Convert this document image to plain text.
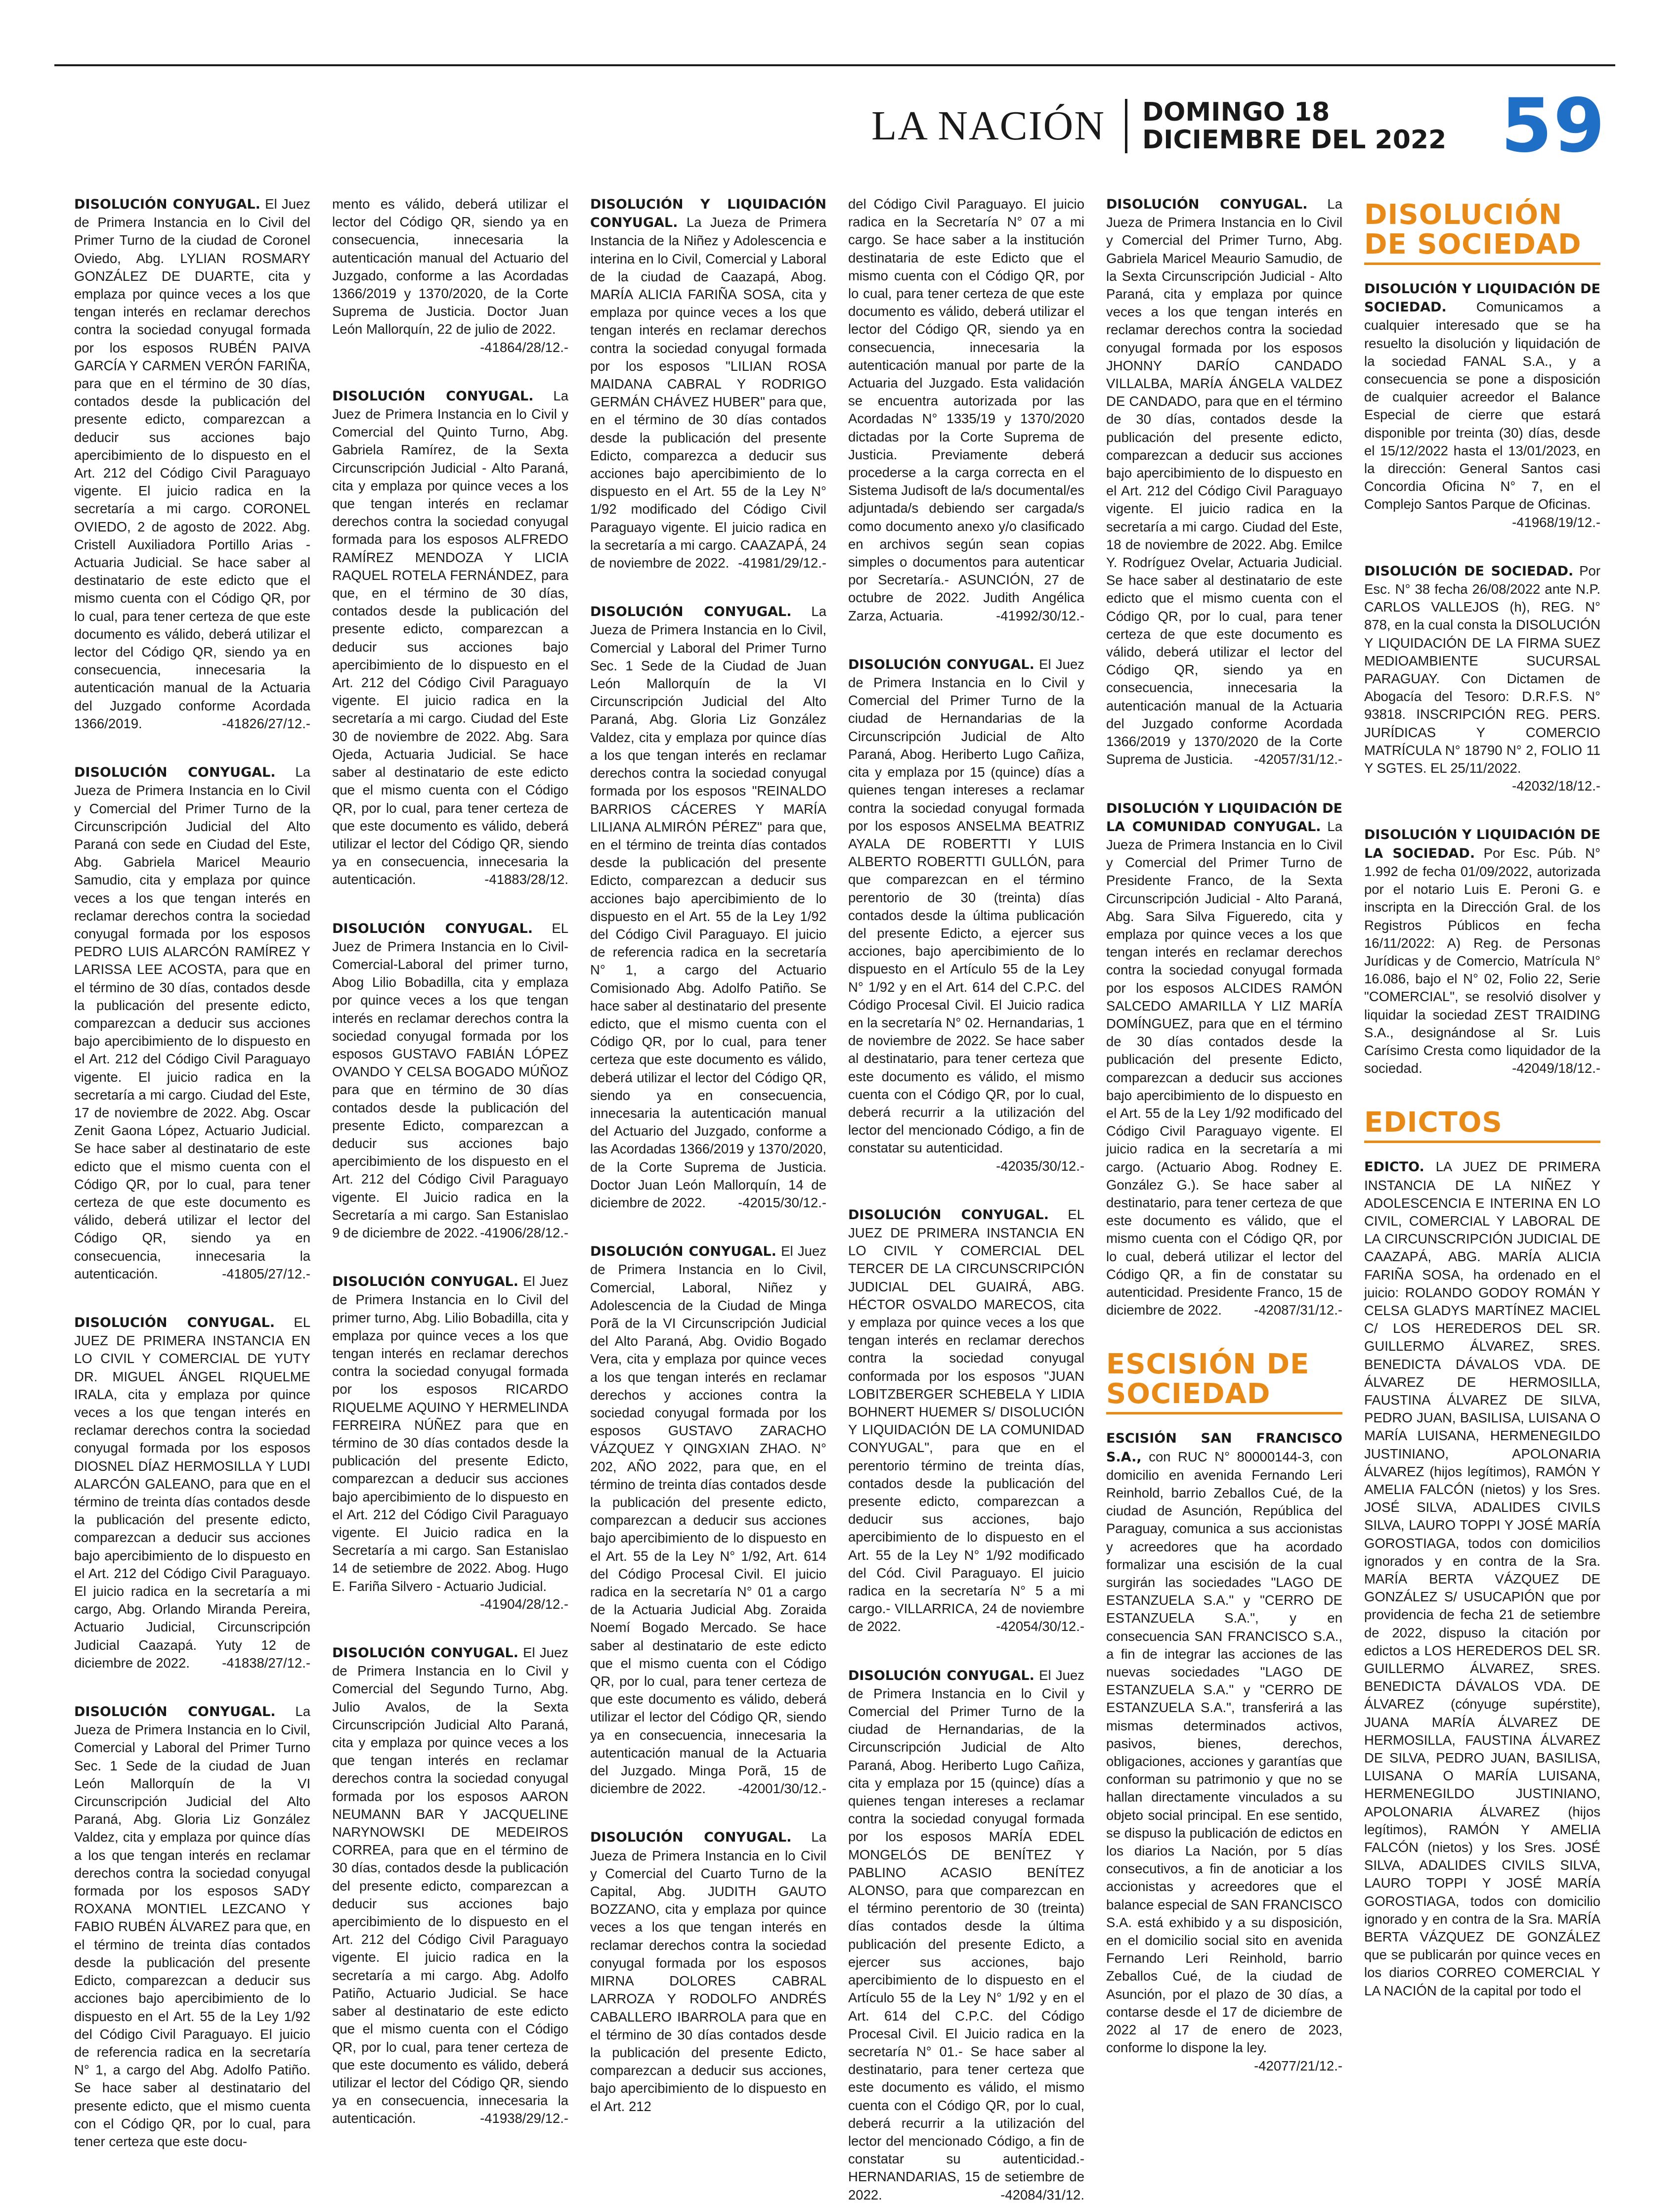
LA NACIÓN	DOMINGO 18
DICIEMBRE DEL 2022 59

DISOLUCIÓN CONYUGAL. El Juez de Primera Instancia en lo Civil del Primer Turno de la ciudad de Coronel Oviedo, Abg. LYLIAN ROSMARY GONZÁLEZ DE DUARTE, cita y emplaza por quince veces a los que tengan interés en reclamar derechos contra la sociedad conyugal formada por los esposos RUBÉN PAIVA GARCÍA Y CARMEN VERÓN FARIÑA, para que en el término de 30 días, contados desde la publicación del presente edicto, comparezcan a deducir sus acciones bajo apercibimiento de lo dispuesto en el Art. 212 del Código Civil Paraguayo vigente. El juicio radica en la secretaría a mi cargo. CORONEL OVIEDO, 2 de agosto de 2022. Abg. Cristell Auxiliadora Portillo Arias - Actuaria Judicial. Se hace saber al destinatario de este edicto que el mismo cuenta con el Código QR, por lo cual, para tener certeza de que este documento es válido, deberá utilizar el lector del Código QR, siendo ya en consecuencia, innecesaria la autenticación manual de la Actuaria del Juzgado conforme Acordada 1366/2019.	-41826/27/12.-

DISOLUCIÓN CONYUGAL. La Jueza de Primera Instancia en lo Civil y Comercial del Primer Turno de la Circunscripción Judicial del Alto Paraná con sede en Ciudad del Este, Abg. Gabriela Maricel Meaurio Samudio, cita y emplaza por quince veces a los que tengan interés en reclamar derechos contra la sociedad conyugal formada por los esposos PEDRO LUIS ALARCÓN RAMÍREZ Y LARISSA LEE ACOSTA, para que en el término de 30 días, contados desde la publicación del presente edicto, comparezcan a deducir sus acciones bajo apercibimiento de lo dispuesto en el Art. 212 del Código Civil Paraguayo vigente. El juicio radica en la secretaría a mi cargo. Ciudad del Este, 17 de noviembre de 2022. Abg. Oscar Zenit Gaona López, Actuario Judicial. Se hace saber al destinatario de este edicto que el mismo cuenta con el Código QR, por lo cual, para tener certeza de que este documento es válido, deberá utilizar el lector del Código QR, siendo ya en consecuencia, innecesaria la autenticación.	-41805/27/12.-

DISOLUCIÓN CONYUGAL. EL JUEZ DE PRIMERA INSTANCIA EN LO CIVIL Y COMERCIAL DE YUTY DR. MIGUEL ÁNGEL RIQUELME IRALA, cita y emplaza por quince veces a los que tengan interés en reclamar derechos contra la sociedad conyugal formada por los esposos DIOSNEL DÍAZ HERMOSILLA Y LUDI ALARCÓN GALEANO, para que en el término de treinta días contados desde la publicación del presente edicto, comparezcan a deducir sus acciones bajo apercibimiento de lo dispuesto en el Art. 212 del Código Civil Paraguayo. El juicio radica en la secretaría a mi cargo, Abg. Orlando Miranda Pereira, Actuario Judicial, Circunscripción Judicial Caazapá. Yuty 12 de diciembre de 2022. -41838/27/12.-

DISOLUCIÓN CONYUGAL. La Jueza de Primera Instancia en lo Civil, Comercial y Laboral del Primer Turno Sec. 1 Sede de la ciudad de Juan León Mallorquín de la VI Circunscripción Judicial del Alto Paraná, Abg. Gloria Liz González Valdez, cita y emplaza por quince días a los que tengan interés en reclamar derechos contra la sociedad conyugal formada por los esposos SADY ROXANA MONTIEL LEZCANO Y FABIO RUBÉN ÁLVAREZ para que, en el término de treinta días contados desde la publicación del presente Edicto, comparezcan a deducir sus acciones bajo apercibimiento de lo dispuesto en el Art. 55 de la Ley 1/92 del Código Civil Paraguayo. El juicio de referencia radica en la secretaría N° 1, a cargo del Abg. Adolfo Patiño. Se hace saber al destinatario del presente edicto, que el mismo cuenta con el Código QR, por lo cual, para tener certeza que este docu-

mento es válido, deberá utilizar el lector del Código QR, siendo ya en consecuencia, innecesaria la autenticación manual del Actuario del Juzgado, conforme a las Acordadas 1366/2019 y 1370/2020, de la Corte Suprema de Justicia. Doctor Juan León Mallorquín, 22 de julio de 2022.
-41864/28/12.-

DISOLUCIÓN CONYUGAL. La Juez de Primera Instancia en lo Civil y Comercial del Quinto Turno, Abg. Gabriela Ramírez, de la Sexta Circunscripción Judicial - Alto Paraná, cita y emplaza por quince veces a los que tengan interés en reclamar derechos contra la sociedad conyugal formada para los esposos ALFREDO RAMÍREZ MENDOZA Y LICIA RAQUEL ROTELA FERNÁNDEZ, para que, en el término de 30 días, contados desde la publicación del presente edicto, comparezcan a deducir sus acciones bajo apercibimiento de lo dispuesto en el Art. 212 del Código Civil Paraguayo vigente. El juicio radica en la secretaría a mi cargo. Ciudad del Este 30 de noviembre de 2022. Abg. Sara Ojeda, Actuaria Judicial. Se hace saber al destinatario de este edicto que el mismo cuenta con el Código QR, por lo cual, para tener certeza de que este documento es válido, deberá utilizar el lector del Código QR, siendo ya en consecuencia, innecesaria la autenticación.	-41883/28/12.

DISOLUCIÓN CONYUGAL. EL Juez de Primera Instancia en lo Civil-Comercial-Laboral del primer turno, Abog Lilio Bobadilla, cita y emplaza por quince veces a los que tengan interés en reclamar derechos contra la sociedad conyugal formada por los esposos GUSTAVO FABIÁN LÓPEZ OVANDO Y CELSA BOGADO MÚÑOZ para que en término de 30 días contados desde la publicación del presente Edicto, comparezcan a deducir sus acciones bajo apercibimiento de los dispuesto en el Art. 212 del Código Civil Paraguayo vigente. El Juicio radica en la Secretaría a mi cargo. San Estanislao 9 de diciembre de 2022. -41906/28/12.-

DISOLUCIÓN CONYUGAL. El Juez de Primera Instancia en lo Civil del primer turno, Abg. Lilio Bobadilla, cita y emplaza por quince veces a los que tengan interés en reclamar derechos contra la sociedad conyugal formada por los esposos RICARDO RIQUELME AQUINO Y HERMELINDA FERREIRA NÚÑEZ para que en término de 30 días contados desde la publicación del presente Edicto, comparezcan a deducir sus acciones bajo apercibimiento de lo dispuesto en el Art. 212 del Código Civil Paraguayo vigente. El Juicio radica en la Secretaría a mi cargo. San Estanislao 14 de setiembre de 2022. Abog. Hugo E. Fariña Silvero - Actuario Judicial.
-41904/28/12.-

DISOLUCIÓN CONYUGAL. El Juez de Primera Instancia en lo Civil y Comercial del Segundo Turno, Abg. Julio Avalos, de la Sexta Circunscripción Judicial Alto Paraná, cita y emplaza por quince veces a los que tengan interés en reclamar derechos contra la sociedad conyugal formada por los esposos AARON NEUMANN BAR Y JACQUELINE NARYNOWSKI DE MEDEIROS CORREA, para que en el término de 30 días, contados desde la publicación del presente edicto, comparezcan a deducir sus acciones bajo apercibimiento de lo dispuesto en el Art. 212 del Código Civil Paraguayo vigente. El juicio radica en la secretaría a mi cargo. Abg. Adolfo Patiño, Actuario Judicial. Se hace saber al destinatario de este edicto que el mismo cuenta con el Código QR, por lo cual, para tener certeza de que este documento es válido, deberá utilizar el lector del Código QR, siendo ya en consecuencia, innecesaria la autenticación.	-41938/29/12.-

DISOLUCIÓN Y LIQUIDACIÓN CONYUGAL. La Jueza de Primera Instancia de la Niñez y Adolescencia e interina en lo Civil, Comercial y Laboral de la ciudad de Caazapá, Abog. MARÍA ALICIA FARIÑA SOSA, cita y emplaza por quince veces a los que tengan interés en reclamar derechos contra la sociedad conyugal formada por los esposos "LILIAN ROSA MAIDANA CABRAL Y RODRIGO GERMÁN CHÁVEZ HUBER" para que, en el término de 30 días contados desde la publicación del presente Edicto, comparezca a deducir sus acciones bajo apercibimiento de lo dispuesto en el Art. 55 de la Ley N° 1/92 modificado del Código Civil Paraguayo vigente. El juicio radica en la secretaría a mi cargo. CAAZAPÁ, 24 de noviembre de 2022. -41981/29/12.-

DISOLUCIÓN CONYUGAL. La Jueza de Primera Instancia en lo Civil, Comercial y Laboral del Primer Turno Sec. 1 Sede de la Ciudad de Juan León Mallorquín de la VI Circunscripción Judicial del Alto Paraná, Abg. Gloria Liz González Valdez, cita y emplaza por quince días a los que tengan interés en reclamar derechos contra la sociedad conyugal formada por los esposos "REINALDO BARRIOS CÁCERES Y MARÍA LILIANA ALMIRÓN PÉREZ" para que, en el término de treinta días contados desde la publicación del presente Edicto, comparezcan a deducir sus acciones bajo apercibimiento de lo dispuesto en el Art. 55 de la Ley 1/92 del Código Civil Paraguayo. El juicio de referencia radica en la secretaría N° 1, a cargo del Actuario Comisionado Abg. Adolfo Patiño. Se hace saber al destinatario del presente edicto, que el mismo cuenta con el Código QR, por lo cual, para tener certeza que este documento es válido, deberá utilizar el lector del Código QR, siendo ya en consecuencia, innecesaria la autenticación manual del Actuario del Juzgado, conforme a las Acordadas 1366/2019 y 1370/2020, de la Corte Suprema de Justicia. Doctor Juan León Mallorquín, 14 de diciembre de 2022. -42015/30/12.-

DISOLUCIÓN CONYUGAL. El Juez de Primera Instancia en lo Civil, Comercial, Laboral, Niñez y Adolescencia de la Ciudad de Minga Porã de la VI Circunscripción Judicial del Alto Paraná, Abg. Ovidio Bogado Vera, cita y emplaza por quince veces a los que tengan interés en reclamar derechos y acciones contra la sociedad conyugal formada por los esposos GUSTAVO ZARACHO VÁZQUEZ Y QINGXIAN ZHAO. N° 202, AÑO 2022, para que, en el término de treinta días contados desde la publicación del presente edicto, comparezcan a deducir sus acciones bajo apercibimiento de lo dispuesto en el Art. 55 de la Ley N° 1/92, Art. 614 del Código Procesal Civil. El juicio radica en la secretaría N° 01 a cargo de la Actuaria Judicial Abg. Zoraida Noemí Bogado Mercado. Se hace saber al destinatario de este edicto que el mismo cuenta con el Código QR, por lo cual, para tener certeza de que este documento es válido, deberá utilizar el lector del Código QR, siendo ya en consecuencia, innecesaria la autenticación manual de la Actuaria del Juzgado. Minga Porã, 15 de diciembre de 2022. -42001/30/12.-

DISOLUCIÓN CONYUGAL. La Jueza de Primera Instancia en lo Civil y Comercial del Cuarto Turno de la Capital, Abg. JUDITH GAUTO BOZZANO, cita y emplaza por quince veces a los que tengan interés en reclamar derechos contra la sociedad conyugal formada por los esposos MIRNA DOLORES CABRAL LARROZA Y RODOLFO ANDRÉS CABALLERO IBARROLA para que en el término de 30 días contados desde la publicación del presente Edicto, comparezcan a deducir sus acciones, bajo apercibimiento de lo dispuesto en el Art. 212

del Código Civil Paraguayo. El juicio radica en la Secretaría N° 07 a mi cargo. Se hace saber a la institución destinataria de este Edicto que el mismo cuenta con el Código QR, por lo cual, para tener certeza de que este documento es válido, deberá utilizar el lector del Código QR, siendo ya en consecuencia, innecesaria la autenticación manual por parte de la Actuaria del Juzgado. Esta validación se encuentra autorizada por las Acordadas N° 1335/19 y 1370/2020 dictadas por la Corte Suprema de Justicia. Previamente deberá procederse a la carga correcta en el Sistema Judisoft de la/s documental/es adjuntada/s debiendo ser cargada/s como documento anexo y/o clasificado en archivos según sean copias simples o documentos para autenticar por Secretaría.- ASUNCIÓN, 27 de octubre de 2022. Judith Angélica Zarza, Actuaria.	-41992/30/12.-

DISOLUCIÓN CONYUGAL. El Juez de Primera Instancia en lo Civil y Comercial del Primer Turno de la ciudad de Hernandarias de la Circunscripción Judicial de Alto Paraná, Abog. Heriberto Lugo Cañiza, cita y emplaza por 15 (quince) días a quienes tengan intereses a reclamar contra la sociedad conyugal formada por los esposos ANSELMA BEATRIZ AYALA DE ROBERTTI Y LUIS ALBERTO ROBERTTI GULLÓN, para que comparezcan en el término perentorio de 30 (treinta) días contados desde la última publicación del presente Edicto, a ejercer sus acciones, bajo apercibimiento de lo dispuesto en el Artículo 55 de la Ley N° 1/92 y en el Art. 614 del C.P.C. del Código Procesal Civil. El Juicio radica en la secretaría N° 02. Hernandarias, 1 de noviembre de 2022. Se hace saber al destinatario, para tener certeza que este documento es válido, el mismo cuenta con el Código QR, por lo cual, deberá recurrir a la utilización del lector del mencionado Código, a fin de constatar su autenticidad.
-42035/30/12.-

DISOLUCIÓN CONYUGAL. EL JUEZ DE PRIMERA INSTANCIA EN LO CIVIL Y COMERCIAL DEL TERCER DE LA CIRCUNSCRIPCIÓN JUDICIAL DEL GUAIRÁ, ABG. HÉCTOR OSVALDO MARECOS, cita y emplaza por quince veces a los que tengan interés en reclamar derechos contra la sociedad conyugal conformada por los esposos "JUAN LOBITZBERGER SCHEBELA Y LIDIA BOHNERT HUEMER S/ DISOLUCIÓN Y LIQUIDACIÓN DE LA COMUNIDAD CONYUGAL", para que en el perentorio término de treinta días, contados desde la publicación del presente edicto, comparezcan a deducir sus acciones, bajo apercibimiento de lo dispuesto en el Art. 55 de la Ley N° 1/92 modificado del Cód. Civil Paraguayo. El juicio radica en la secretaría N° 5 a mi cargo.- VILLARRICA, 24 de noviembre de 2022.	-42054/30/12.-

DISOLUCIÓN CONYUGAL. El Juez de Primera Instancia en lo Civil y Comercial del Primer Turno de la ciudad de Hernandarias, de la Circunscripción Judicial de Alto Paraná, Abog. Heriberto Lugo Cañiza, cita y emplaza por 15 (quince) días a quienes tengan intereses a reclamar contra la sociedad conyugal formada por los esposos MARÍA EDEL MONGELÓS DE BENÍTEZ Y PABLINO ACASIO BENÍTEZ ALONSO, para que comparezcan en el término perentorio de 30 (treinta) días contados desde la última publicación del presente Edicto, a ejercer sus acciones, bajo apercibimiento de lo dispuesto en el Artículo 55 de la Ley N° 1/92 y en el Art. 614 del C.P.C. del Código Procesal Civil. El Juicio radica en la secretaría N° 01.- Se hace saber al destinatario, para tener certeza que este documento es válido, el mismo cuenta con el Código QR, por lo cual, deberá recurrir a la utilización del lector del mencionado Código, a fin de constatar su autenticidad.- HERNANDARIAS, 15 de setiembre de 2022.	-42084/31/12.

DISOLUCIÓN CONYUGAL. La Jueza de Primera Instancia en lo Civil y Comercial del Primer Turno, Abg. Gabriela Maricel Meaurio Samudio, de la Sexta Circunscripción Judicial - Alto Paraná, cita y emplaza por quince veces a los que tengan interés en reclamar derechos contra la sociedad conyugal formada por los esposos JHONNY DARÍO CANDADO VILLALBA, MARÍA ÁNGELA VALDEZ DE CANDADO, para que en el término de 30 días, contados desde la publicación del presente edicto, comparezcan a deducir sus acciones bajo apercibimiento de lo dispuesto en el Art. 212 del Código Civil Paraguayo vigente. El juicio radica en la secretaría a mi cargo. Ciudad del Este, 18 de noviembre de 2022. Abg. Emilce Y. Rodríguez Ovelar, Actuaria Judicial. Se hace saber al destinatario de este edicto que el mismo cuenta con el Código QR, por lo cual, para tener certeza de que este documento es válido, deberá utilizar el lector del Código QR, siendo ya en consecuencia, innecesaria la autenticación manual de la Actuaria del Juzgado conforme Acordada 1366/2019 y 1370/2020 de la Corte Suprema de Justicia. -42057/31/12.-

DISOLUCIÓN Y LIQUIDACIÓN DE LA COMUNIDAD CONYUGAL. La Jueza de Primera Instancia en lo Civil y Comercial del Primer Turno de Presidente Franco, de la Sexta Circunscripción Judicial - Alto Paraná, Abg. Sara Silva Figueredo, cita y emplaza por quince veces a los que tengan interés en reclamar derechos contra la sociedad conyugal formada por los esposos ALCIDES RAMÓN SALCEDO AMARILLA Y LIZ MARÍA DOMÍNGUEZ, para que en el término de 30 días contados desde la publicación del presente Edicto, comparezcan a deducir sus acciones bajo apercibimiento de lo dispuesto en el Art. 55 de la Ley 1/92 modificado del Código Civil Paraguayo vigente. El juicio radica en la secretaría a mi cargo. (Actuario Abog. Rodney E. González G.). Se hace saber al destinatario, para tener certeza de que este documento es válido, que el mismo cuenta con el Código QR, por lo cual, deberá utilizar el lector del Código QR, a fin de constatar su autenticidad. Presidente Franco, 15 de diciembre de 2022. -42087/31/12.-

ESCISIÓN DE SOCIEDAD

ESCISIÓN SAN FRANCISCO S.A., con RUC N° 80000144-3, con domicilio en avenida Fernando Leri Reinhold, barrio Zeballos Cué, de la ciudad de Asunción, República del Paraguay, comunica a sus accionistas y acreedores que ha acordado formalizar una escisión de la cual surgirán las sociedades "LAGO DE ESTANZUELA S.A." y "CERRO DE ESTANZUELA S.A.", y en consecuencia SAN FRANCISCO S.A., a fin de integrar las acciones de las nuevas sociedades "LAGO DE ESTANZUELA S.A." y "CERRO DE ESTANZUELA S.A.", transferirá a las mismas determinados activos, pasivos, bienes, derechos, obligaciones, acciones y garantías que conforman su patrimonio y que no se hallan directamente vinculados a su objeto social principal. En ese sentido, se dispuso la publicación de edictos en los diarios La Nación, por 5 días consecutivos, a fin de anoticiar a los accionistas y acreedores que el balance especial de SAN FRANCISCO S.A. está exhibido y a su disposición, en el domicilio social sito en avenida Fernando Leri Reinhold, barrio Zeballos Cué, de la ciudad de Asunción, por el plazo de 30 días, a contarse desde el 17 de diciembre de 2022 al 17 de enero de 2023, conforme lo dispone la ley.
-42077/21/12.-

DISOLUCIÓN DE SOCIEDAD

DISOLUCIÓN Y LIQUIDACIÓN DE SOCIEDAD. Comunicamos a cualquier interesado que se ha resuelto la disolución y liquidación de la sociedad FANAL S.A., y a consecuencia se pone a disposición de cualquier acreedor el Balance Especial de cierre que estará disponible por treinta (30) días, desde el 15/12/2022 hasta el 13/01/2023, en la dirección: General Santos casi Concordia Oficina N° 7, en el Complejo Santos Parque de Oficinas.
-41968/19/12.-

DISOLUCIÓN DE SOCIEDAD. Por Esc. N° 38 fecha 26/08/2022 ante N.P. CARLOS VALLEJOS (h), REG. N° 878, en la cual consta la DISOLUCIÓN Y LIQUIDACIÓN DE LA FIRMA SUEZ MEDIOAMBIENTE SUCURSAL PARAGUAY. Con Dictamen de Abogacía del Tesoro: D.R.F.S. N° 93818. INSCRIPCIÓN REG. PERS. JURÍDICAS Y COMERCIO MATRÍCULA N° 18790 N° 2, FOLIO 11 Y SGTES. EL 25/11/2022.
-42032/18/12.-

DISOLUCIÓN Y LIQUIDACIÓN DE LA SOCIEDAD. Por Esc. Púb. N° 1.992 de fecha 01/09/2022, autorizada por el notario Luis E. Peroni G. e inscripta en la Dirección Gral. de los Registros Públicos en fecha 16/11/2022: A) Reg. de Personas Jurídicas y de Comercio, Matrícula N° 16.086, bajo el N° 02, Folio 22, Serie "COMERCIAL", se resolvió disolver y liquidar la sociedad ZEST TRAIDING S.A., designándose al Sr. Luis Carísimo Cresta como liquidador de la sociedad.	-42049/18/12.-

EDICTOS

EDICTO. LA JUEZ DE PRIMERA INSTANCIA DE LA NIÑEZ Y ADOLESCENCIA E INTERINA EN LO CIVIL, COMERCIAL Y LABORAL DE LA CIRCUNSCRIPCIÓN JUDICIAL DE CAAZAPÁ, ABG. MARÍA ALICIA FARIÑA SOSA, ha ordenado en el juicio: ROLANDO GODOY ROMÁN Y CELSA GLADYS MARTÍNEZ MACIEL C/ LOS HEREDEROS DEL SR. GUILLERMO ÁLVAREZ, SRES. BENEDICTA DÁVALOS VDA. DE ÁLVAREZ DE HERMOSILLA, FAUSTINA ÁLVAREZ DE SILVA, PEDRO JUAN, BASILISA, LUISANA O MARÍA LUISANA, HERMENEGILDO JUSTINIANO, APOLONARIA ÁLVAREZ (hijos legítimos), RAMÓN Y AMELIA FALCÓN (nietos) y los Sres. JOSÉ SILVA, ADALIDES CIVILS SILVA, LAURO TOPPI Y JOSÉ MARÍA GOROSTIAGA, todos con domicilios ignorados y en contra de la Sra. MARÍA BERTA VÁZQUEZ DE GONZÁLEZ S/ USUCAPIÓN que por providencia de fecha 21 de setiembre de 2022, dispuso la citación por edictos a LOS HEREDEROS DEL SR. GUILLERMO ÁLVAREZ, SRES. BENEDICTA DÁVALOS VDA. DE ÁLVAREZ (cónyuge supérstite), JUANA MARÍA ÁLVAREZ DE HERMOSILLA, FAUSTINA ÁLVAREZ DE SILVA, PEDRO JUAN, BASILISA, LUISANA O MARÍA LUISANA, HERMENEGILDO JUSTINIANO, APOLONARIA ÁLVAREZ (hijos legítimos), RAMÓN Y AMELIA FALCÓN (nietos) y los Sres. JOSÉ SILVA, ADALIDES CIVILS SILVA, LAURO TOPPI Y JOSÉ MARÍA GOROSTIAGA, todos con domicilio ignorado y en contra de la Sra. MARÍA BERTA VÁZQUEZ DE GONZÁLEZ que se publicarán por quince veces en los diarios CORREO COMERCIAL Y LA NACIÓN de la capital por todo el
